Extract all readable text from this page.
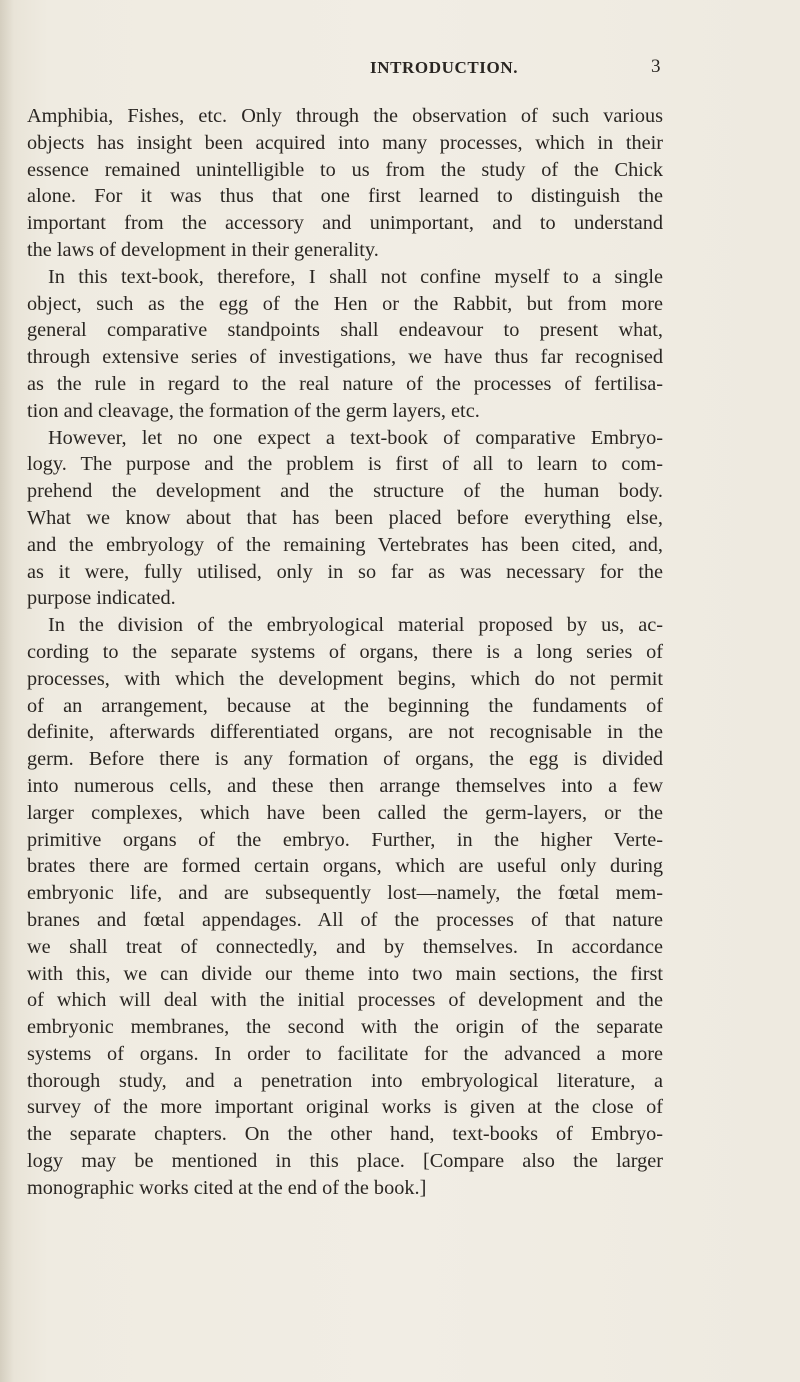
INTRODUCTION.	3
Amphibia, Fishes, etc. Only through the observation of such various
objects has insight been acquired into many processes, which in their
essence remained unintelligible to us from the study of the Chick
alone. For it was thus that one first learned to distinguish the
important from the accessory and unimportant, and to understand
the laws of development in their generality.
In this text-book, therefore, I shall not confine myself to a single
object, such as the egg of the Hen or the Rabbit, but from more
general comparative standpoints shall endeavour to present what,
through extensive series of investigations, we have thus far recognised
as the rule in regard to the real nature of the processes of fertilisa-
tion and cleavage, the formation of the germ layers, etc.
However, let no one expect a text-book of comparative Embryo-
logy. The purpose and the problem is first of all to learn to com-
prehend the development and the structure of the human body.
What we know about that has been placed before everything else,
and the embryology of the remaining Vertebrates has been cited, and,
as it were, fully utilised, only in so far as was necessary for the
purpose indicated.
In the division of the embryological material proposed by us, ac-
cording to the separate systems of organs, there is a long series of
processes, with which the development begins, which do not permit
of an arrangement, because at the beginning the fundaments of
definite, afterwards differentiated organs, are not recognisable in the
germ. Before there is any formation of organs, the egg is divided
into numerous cells, and these then arrange themselves into a few
larger complexes, which have been called the germ-layers, or the
primitive organs of the embryo. Further, in the higher Verte-
brates there are formed certain organs, which are useful only during
embryonic life, and are subsequently lost—namely, the fœtal mem-
branes and fœtal appendages. All of the processes of that nature
we shall treat of connectedly, and by themselves. In accordance
with this, we can divide our theme into two main sections, the first
of which will deal with the initial processes of development and the
embryonic membranes, the second with the origin of the separate
systems of organs. In order to facilitate for the advanced a more
thorough study, and a penetration into embryological literature, a
survey of the more important original works is given at the close of
the separate chapters. On the other hand, text-books of Embryo-
logy may be mentioned in this place. [Compare also the larger
monographic works cited at the end of the book.]
